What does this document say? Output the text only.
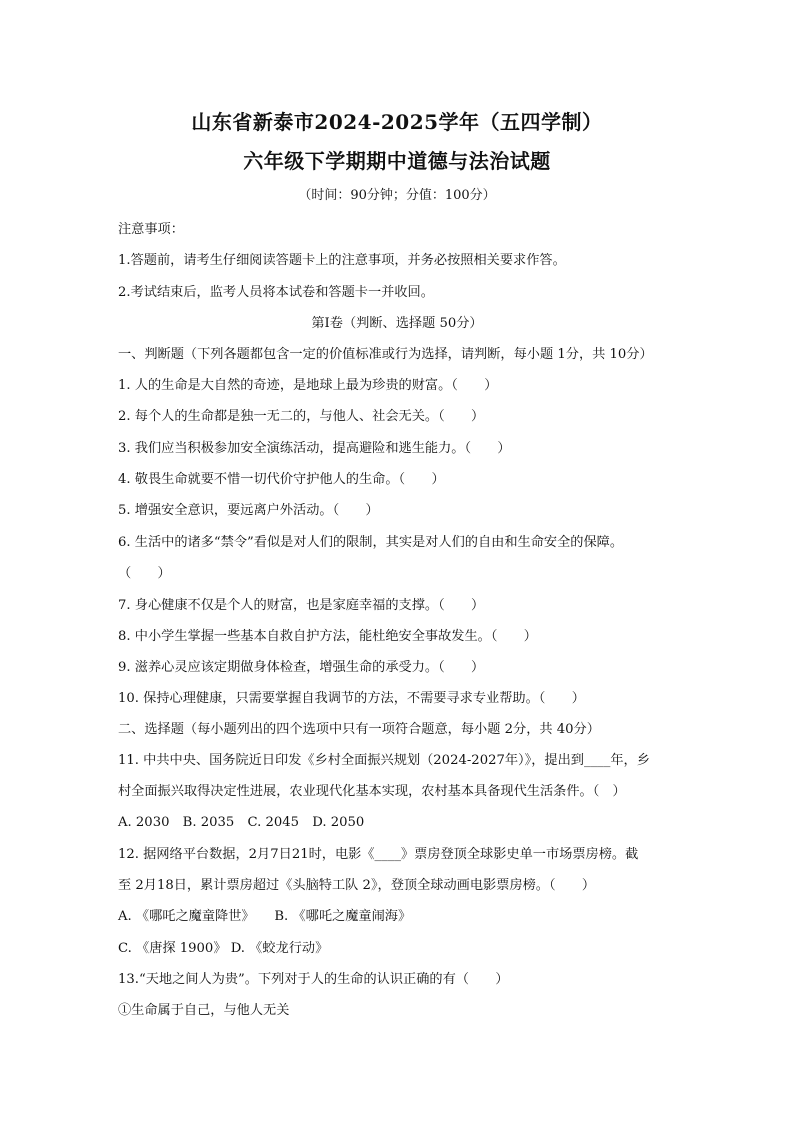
山东省新泰市2024-2025学年（五四学制）
六年级下学期期中道德与法治试题
（时间：90分钟；分值：100分）
注意事项：
1.答题前，请考生仔细阅读答题卡上的注意事项，并务必按照相关要求作答。
2.考试结束后，监考人员将本试卷和答题卡一并收回。
第Ⅰ卷（判断、选择题 50分）
一、判断题（下列各题都包含一定的价值标准或行为选择，请判断，每小题 1分，共 10分）
1. 人的生命是大自然的奇迹，是地球上最为珍贵的财富。（　　）
2. 每个人的生命都是独一无二的，与他人、社会无关。（　　）
3. 我们应当积极参加安全演练活动，提高避险和逃生能力。（　　）
4. 敬畏生命就要不惜一切代价守护他人的生命。（　　）
5. 增强安全意识，要远离户外活动。（　　）
6. 生活中的诸多“禁令”看似是对人们的限制，其实是对人们的自由和生命安全的保障。
（　　）
7. 身心健康不仅是个人的财富，也是家庭幸福的支撑。（　　）
8. 中小学生掌握一些基本自救自护方法，能杜绝安全事故发生。（　　）
9. 滋养心灵应该定期做身体检查，增强生命的承受力。（　　）
10. 保持心理健康，只需要掌握自我调节的方法，不需要寻求专业帮助。（　　）
二、选择题（每小题列出的四个选项中只有一项符合题意，每小题 2分，共 40分）
11. 中共中央、国务院近日印发《乡村全面振兴规划（2024-2027年）》，提出到____年，乡
村全面振兴取得决定性进展，农业现代化基本实现，农村基本具备现代生活条件。（　）
A. 2030　B. 2035　C. 2045　D. 2050
12. 据网络平台数据，2月7日21时，电影《____》票房登顶全球影史单一市场票房榜。截
至 2月18日，累计票房超过《头脑特工队 2》，登顶全球动画电影票房榜。（　　）
A. 《哪吒之魔童降世》　　B. 《哪吒之魔童闹海》
C. 《唐探 1900》 D. 《蛟龙行动》
13.“天地之间人为贵”。下列对于人的生命的认识正确的有（　　）
①生命属于自己，与他人无关
